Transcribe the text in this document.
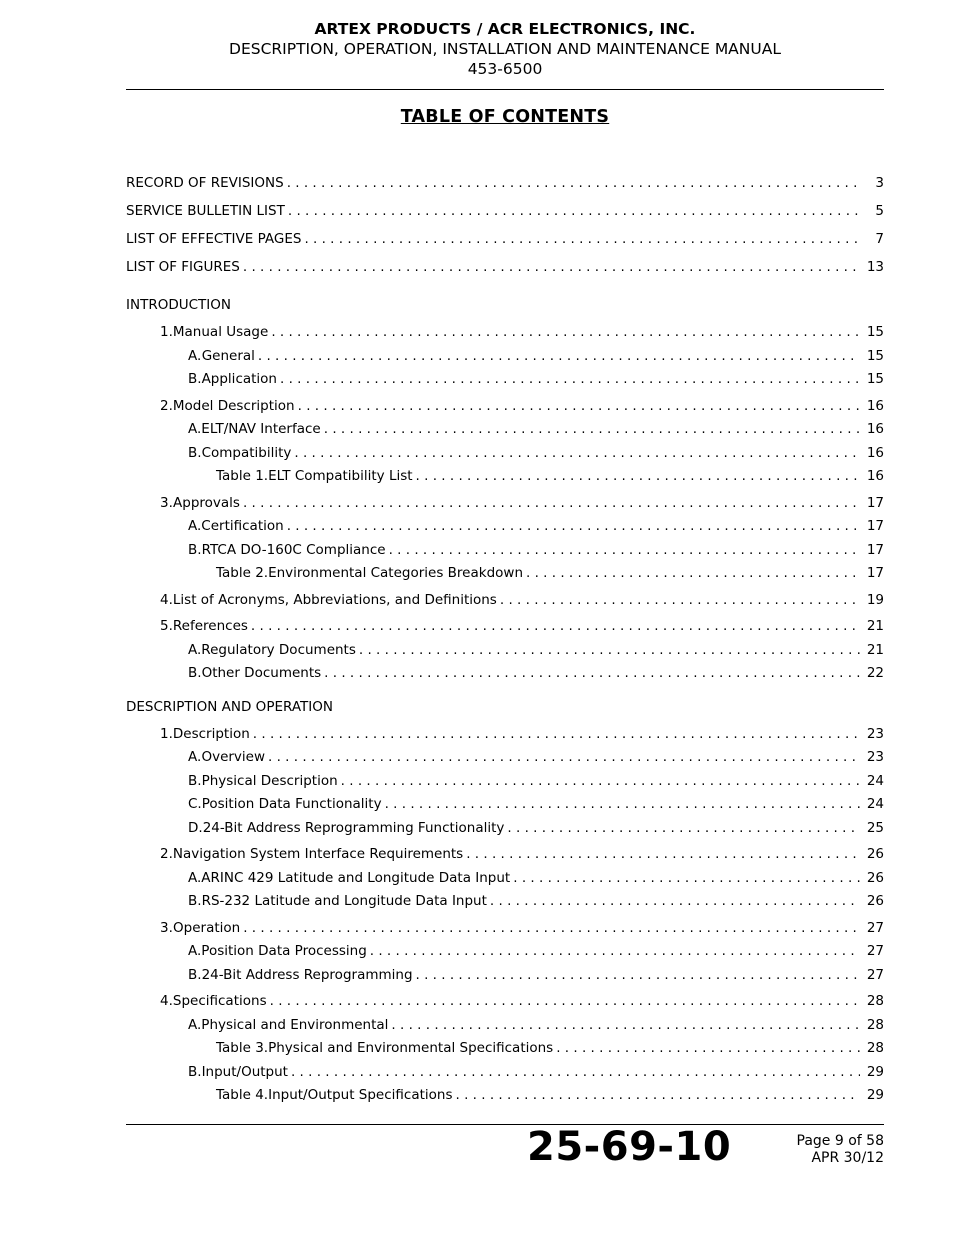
ARTEX PRODUCTS / ACR ELECTRONICS, INC.
DESCRIPTION, OPERATION, INSTALLATION AND MAINTENANCE MANUAL
453-6500
TABLE OF CONTENTS
RECORD OF REVISIONS . . .	3
SERVICE BULLETIN LIST . . .	5
LIST OF EFFECTIVE PAGES . . .	7
LIST OF FIGURES . . .	13
INTRODUCTION
1. Manual Usage . . .	15
A. General . . .	15
B. Application . . .	15
2. Model Description . . .	16
A. ELT/NAV Interface . . .	16
B. Compatibility . . .	16
Table 1. ELT Compatibility List . . .	16
3. Approvals . . .	17
A. Certification . . .	17
B. RTCA DO-160C Compliance . . .	17
Table 2. Environmental Categories Breakdown . . .	17
4. List of Acronyms, Abbreviations, and Definitions . . .	19
5. References . . .	21
A. Regulatory Documents . . .	21
B. Other Documents . . .	22
DESCRIPTION AND OPERATION
1. Description . . .	23
A. Overview . . .	23
B. Physical Description . . .	24
C. Position Data Functionality . . .	24
D. 24-Bit Address Reprogramming Functionality . . .	25
2. Navigation System Interface Requirements . . .	26
A. ARINC 429 Latitude and Longitude Data Input . . .	26
B. RS-232 Latitude and Longitude Data Input . . .	26
3. Operation . . .	27
A. Position Data Processing . . .	27
B. 24-Bit Address Reprogramming . . .	27
4. Specifications . . .	28
A. Physical and Environmental . . .	28
Table 3. Physical and Environmental Specifications . . .	28
B. Input/Output . . .	29
Table 4. Input/Output Specifications . . .	29
25-69-10	Page 9 of 58
APR 30/12
